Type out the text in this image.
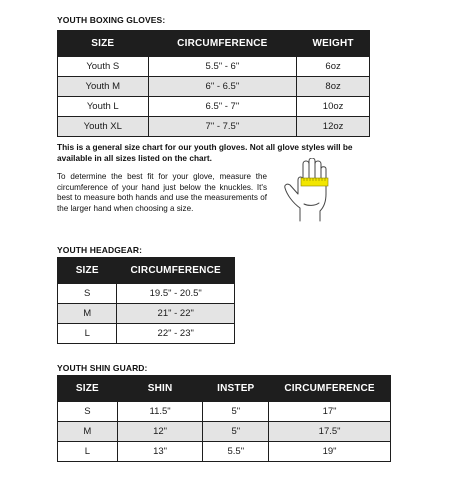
YOUTH BOXING GLOVES:
SIZE	CIRCUMFERENCE	WEIGHT
Youth S	5.5" - 6"	6oz
Youth M	6" - 6.5"	8oz
Youth L	6.5" - 7"	10oz
Youth XL	7" - 7.5"	12oz
This is a general size chart for our youth gloves. Not all glove styles will be available in all sizes listed on the chart.
To determine the best fit for your glove, measure the circumference of your hand just below the knuckles. It's best to measure both hands and use the measurements of the larger hand when choosing a size.
YOUTH HEADGEAR:
SIZE	CIRCUMFERENCE
S	19.5" - 20.5"
M	21" - 22"
L	22" - 23"
YOUTH SHIN GUARD:
SIZE	SHIN	INSTEP	CIRCUMFERENCE
S	11.5"	5"	17"
M	12"	5"	17.5"
L	13"	5.5"	19"
